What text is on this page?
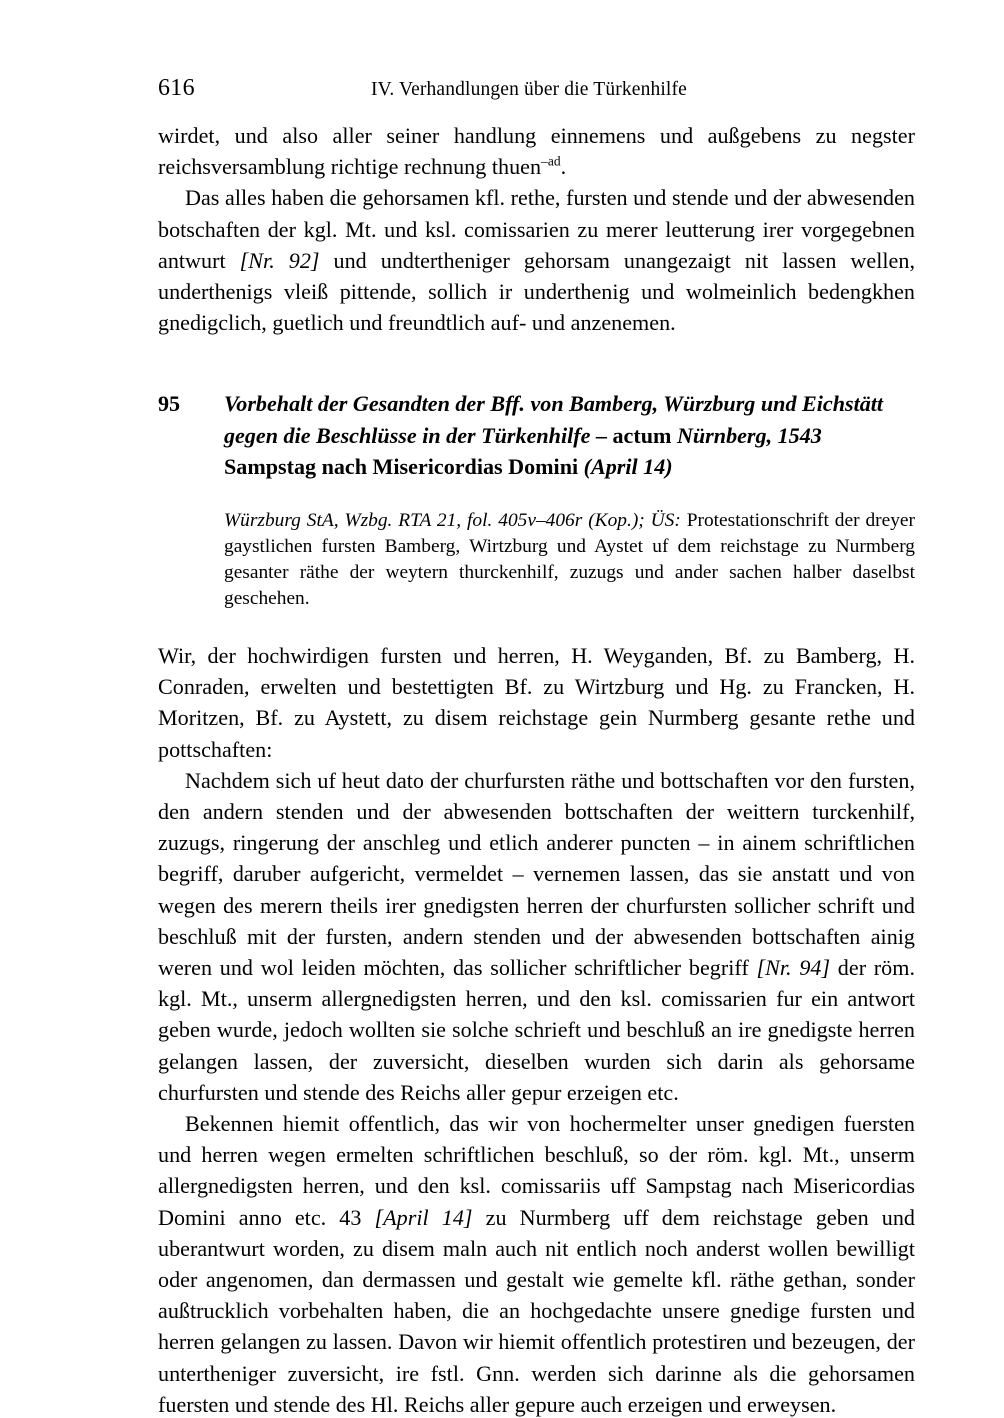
616	IV. Verhandlungen über die Türkenhilfe

wirdet, und also aller seiner handlung einnemens und außgebens zu negster reichsversamblung richtige rechnung thuen$^{-ad}$.

Das alles haben die gehorsamen kfl. rethe, fursten und stende und der abwesenden botschaften der kgl. Mt. und ksl. comissarien zu merer leutterung irer vorgegebnen antwurt [Nr. 92] und undtertheniger gehorsam unangezaigt nit lassen wellen, underthenigs vleiß pittende, sollich ir underthenig und wolmeinlich bedengkhen gnedigclich, guetlich und freundtlich auf- und anzenemen.

95	Vorbehalt der Gesandten der Bff. von Bamberg, Würzburg und Eichstätt gegen die Beschlüsse in der Türkenhilfe – actum Nürnberg, 1543 Sampstag nach Misericordias Domini (April 14)
Würzburg StA, Wzbg. RTA 21, fol. 405v–406r (Kop.); ÜS: Protestationschrift der dreyer gaystlichen fursten Bamberg, Wirtzburg und Aystet uf dem reichstage zu Nurmberg gesanter räthe der weytern thurckenhilf, zuzugs und ander sachen halber daselbst geschehen.

Wir, der hochwirdigen fursten und herren, H. Weyganden, Bf. zu Bamberg, H. Conraden, erwelten und bestettigten Bf. zu Wirtzburg und Hg. zu Francken, H. Moritzen, Bf. zu Aystett, zu disem reichstage gein Nurmberg gesante rethe und pottschaften:

Nachdem sich uf heut dato der churfursten räthe und bottschaften vor den fursten, den andern stenden und der abwesenden bottschaften der weittern turckenhilf, zuzugs, ringerung der anschleg und etlich anderer puncten – in ainem schriftlichen begriff, daruber aufgericht, vermeldet – vernemen lassen, das sie anstatt und von wegen des merern theils irer gnedigsten herren der churfursten sollicher schrift und beschluß mit der fursten, andern stenden und der abwesenden bottschaften ainig weren und wol leiden möchten, das sollicher schriftlicher begriff [Nr. 94] der röm. kgl. Mt., unserm allergnedigsten herren, und den ksl. comissarien fur ein antwort geben wurde, jedoch wollten sie solche schrieft und beschluß an ire gnedigste herren gelangen lassen, der zuversicht, dieselben wurden sich darin als gehorsame churfursten und stende des Reichs aller gepur erzeigen etc.

Bekennen hiemit offentlich, das wir von hochermelter unser gnedigen fuersten und herren wegen ermelten schriftlichen beschluß, so der röm. kgl. Mt., unserm allergnedigsten herren, und den ksl. comissariis uff Sampstag nach Misericordias Domini anno etc. 43 [April 14] zu Nurmberg uff dem reichstage geben und uberantwurt worden, zu disem maln auch nit entlich noch anderst wollen bewilligt oder angenomen, dan dermassen und gestalt wie gemelte kfl. räthe gethan, sonder außtrucklich vorbehalten haben, die an hochgedachte unsere gnedige fursten und herren gelangen zu lassen. Davon wir hiemit offentlich protestiren und bezeugen, der untertheniger zuversicht, ire fstl. Gnn. werden sich darinne als die gehorsamen fuersten und stende des Hl. Reichs aller gepure auch erzeigen und erweysen.
